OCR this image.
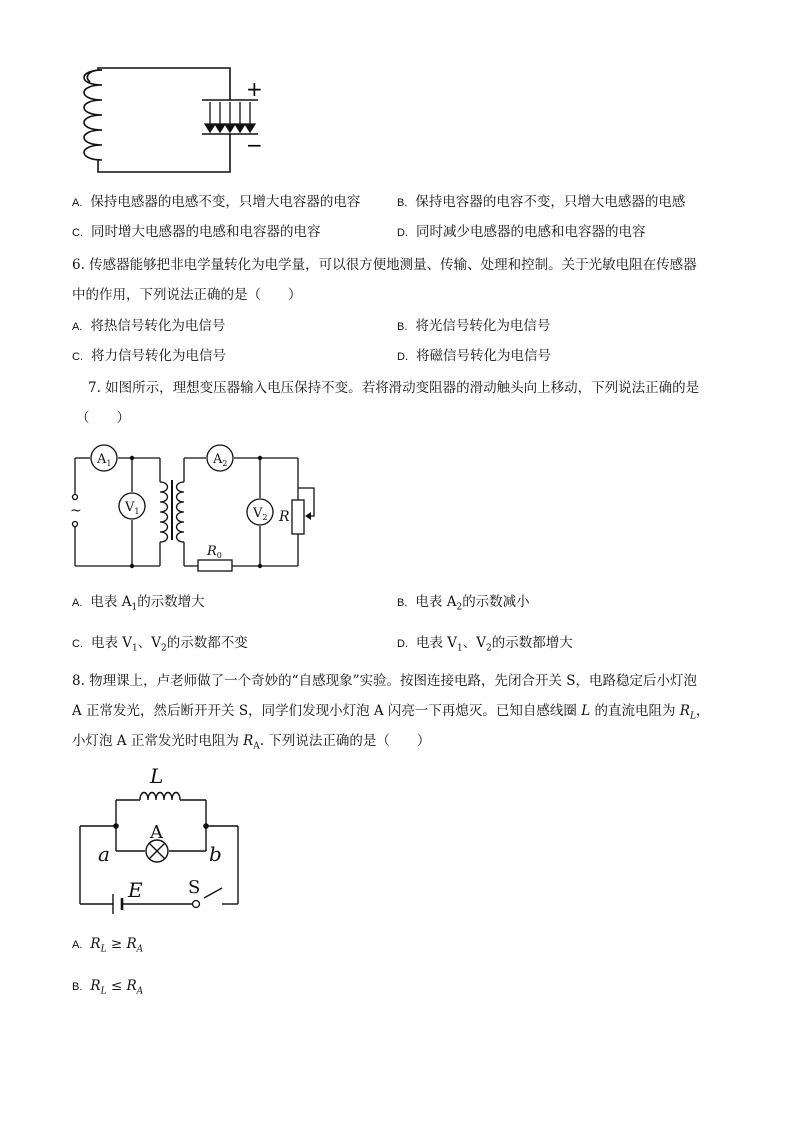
+
−
A. 保持电感器的电感不变，只增大电容器的电容	B. 保持电容器的电容不变，只增大电感器的电感
C. 同时增大电感器的电感和电容器的电容	D. 同时减少电感器的电感和电容器的电容
6. 传感器能够把非电学量转化为电学量，可以很方便地测量、传输、处理和控制。关于光敏电阻在传感器
中的作用，下列说法正确的是（　　）
A. 将热信号转化为电信号	B. 将光信号转化为电信号
C. 将力信号转化为电信号	D. 将磁信号转化为电信号
7. 如图所示，理想变压器输入电压保持不变。若将滑动变阻器的滑动触头向上移动，下列说法正确的是
（　　）
$A_1$	$A_2$
$V_1$	$V_2$ R
$R_0$
~
A. 电表 $A_1$的示数增大	B. 电表 $A_2$的示数减小
C. 电表 $V_1$、$V_2$的示数都不变	D. 电表 $V_1$、$V_2$的示数都增大
8. 物理课上，卢老师做了一个奇妙的“自感现象”实验。按图连接电路，先闭合开关 S，电路稳定后小灯泡
A 正常发光，然后断开开关 S，同学们发现小灯泡 A 闪亮一下再熄灭。已知自感线圈 L 的直流电阻为 $R_L$，
小灯泡 A 正常发光时电阻为 $R_A$. 下列说法正确的是（　　）
L
A
a	b
E	S
A. $R_L \ge R_A$
B. $R_L \le R_A$
